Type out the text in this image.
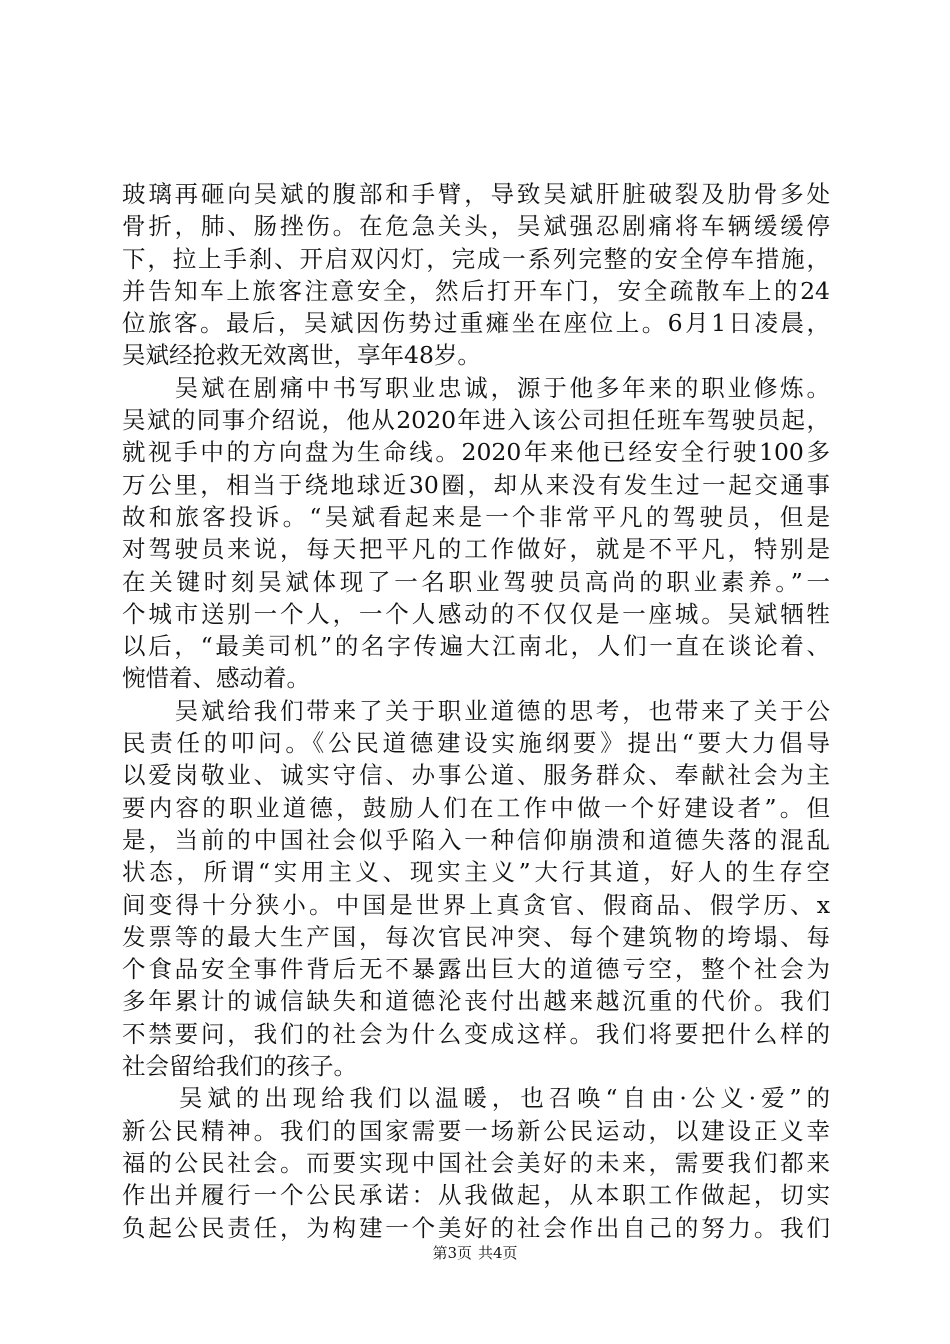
玻璃再砸向吴斌的腹部和手臂，导致吴斌肝脏破裂及肋骨多处
骨折，肺、肠挫伤。在危急关头，吴斌强忍剧痛将车辆缓缓停
下，拉上手刹、开启双闪灯，完成一系列完整的安全停车措施，
并告知车上旅客注意安全，然后打开车门，安全疏散车上的24
位旅客。最后，吴斌因伤势过重瘫坐在座位上。6月1日凌晨，
吴斌经抢救无效离世，享年48岁。
　　吴斌在剧痛中书写职业忠诚，源于他多年来的职业修炼。
吴斌的同事介绍说，他从2020年进入该公司担任班车驾驶员起，
就视手中的方向盘为生命线。2020年来他已经安全行驶100多
万公里，相当于绕地球近30圈，却从来没有发生过一起交通事
故和旅客投诉。“吴斌看起来是一个非常平凡的驾驶员，但是
对驾驶员来说，每天把平凡的工作做好，就是不平凡，特别是
在关键时刻吴斌体现了一名职业驾驶员高尚的职业素养。”一
个城市送别一个人，一个人感动的不仅仅是一座城。吴斌牺牲
以后，“最美司机”的名字传遍大江南北，人们一直在谈论着、
惋惜着、感动着。
　　吴斌给我们带来了关于职业道德的思考，也带来了关于公
民责任的叩问。《公民道德建设实施纲要》提出“要大力倡导
以爱岗敬业、诚实守信、办事公道、服务群众、奉献社会为主
要内容的职业道德，鼓励人们在工作中做一个好建设者”。但
是，当前的中国社会似乎陷入一种信仰崩溃和道德失落的混乱
状态，所谓“实用主义、现实主义”大行其道，好人的生存空
间变得十分狭小。中国是世界上真贪官、假商品、假学历、x
发票等的最大生产国，每次官民冲突、每个建筑物的垮塌、每
个食品安全事件背后无不暴露出巨大的道德亏空，整个社会为
多年累计的诚信缺失和道德沦丧付出越来越沉重的代价。我们
不禁要问，我们的社会为什么变成这样。我们将要把什么样的
社会留给我们的孩子。
　　吴斌的出现给我们以温暖，也召唤“自由·公义·爱”的
新公民精神。我们的国家需要一场新公民运动，以建设正义幸
福的公民社会。而要实现中国社会美好的未来，需要我们都来
作出并履行一个公民承诺：从我做起，从本职工作做起，切实
负起公民责任，为构建一个美好的社会作出自己的努力。我们
第3页 共4页
